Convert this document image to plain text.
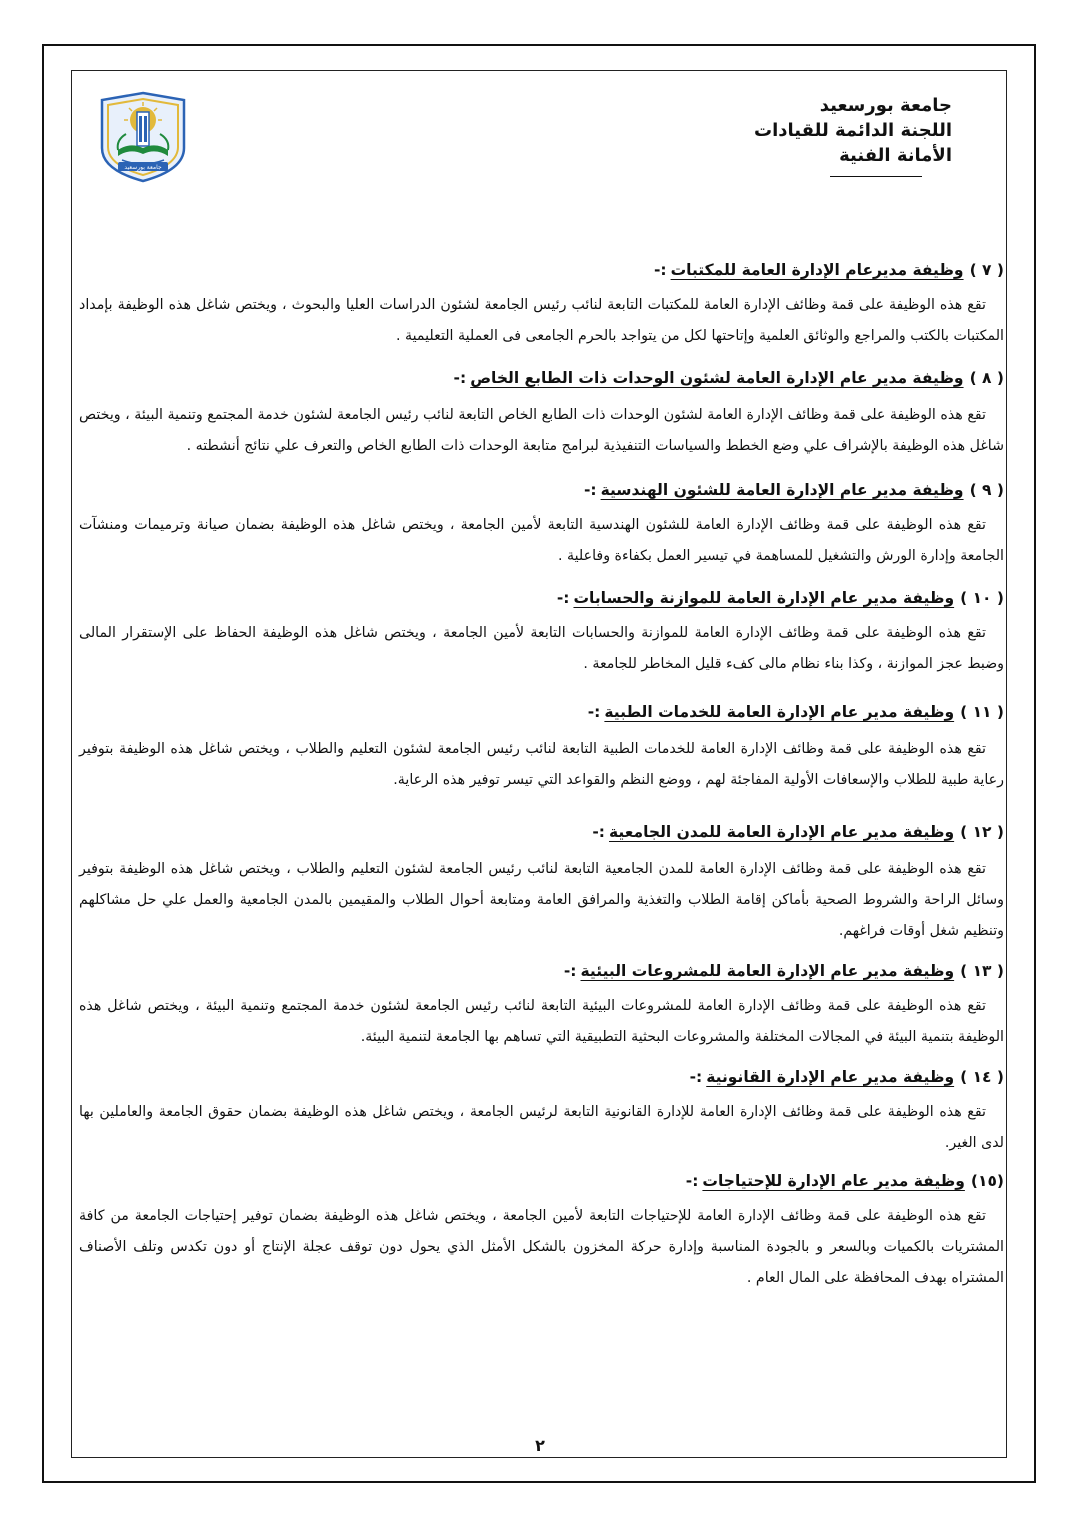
جامعة بورسعيد
اللجنة الدائمة للقيادات
الأمانة الفنية
جامعة بورسعيد
( ٧ )
وظيفة مديرعام الإدارة العامة للمكتبات
:-

تقع هذه الوظيفة على قمة وظائف الإدارة العامة للمكتبات التابعة لنائب رئيس الجامعة لشئون الدراسات العليا والبحوث ، ويختص شاغل هذه الوظيفة بإمداد المكتبات بالكتب والمراجع والوثائق العلمية وإتاحتها لكل من يتواجد بالحرم الجامعى فى العملية التعليمية .

( ٨ )
وظيفة مدير عام الإدارة العامة لشئون الوحدات ذات الطابع الخاص
:-

تقع هذه الوظيفة على قمة وظائف الإدارة العامة لشئون الوحدات ذات الطابع الخاص التابعة لنائب رئيس الجامعة لشئون خدمة المجتمع وتنمية البيئة ، ويختص شاغل هذه الوظيفة بالإشراف علي وضع الخطط والسياسات التنفيذية لبرامج متابعة الوحدات ذات الطابع الخاص والتعرف علي نتائج أنشطته .

( ٩ )
وظيفة مدير عام الإدارة العامة للشئون الهندسية
:-

تقع هذه الوظيفة على قمة وظائف الإدارة العامة للشئون الهندسية التابعة لأمين الجامعة ، ويختص شاغل هذه الوظيفة بضمان صيانة وترميمات ومنشآت الجامعة وإدارة الورش والتشغيل للمساهمة في تيسير العمل بكفاءة وفاعلية .

( ١٠ )
وظيفة مدير عام الإدارة العامة للموازنة والحسابات
:-

تقع هذه الوظيفة على قمة وظائف الإدارة العامة للموازنة والحسابات التابعة لأمين الجامعة ، ويختص شاغل هذه الوظيفة الحفاظ على الإستقرار المالى وضبط عجز الموازنة ، وكذا بناء نظام مالى كفء قليل المخاطر للجامعة .

( ١١ )
وظيفة مدير عام الإدارة العامة للخدمات الطبية
:-

تقع هذه الوظيفة على قمة وظائف الإدارة العامة للخدمات الطبية التابعة لنائب رئيس الجامعة لشئون التعليم والطلاب ، ويختص شاغل هذه الوظيفة بتوفير رعاية طبية للطلاب والإسعافات الأولية المفاجئة لهم ، ووضع النظم والقواعد التي تيسر توفير هذه الرعاية.

( ١٢ )
وظيفة مدير عام الإدارة العامة للمدن الجامعية
:-

تقع هذه الوظيفة على قمة وظائف الإدارة العامة للمدن الجامعية التابعة لنائب رئيس الجامعة لشئون التعليم والطلاب ، ويختص شاغل هذه الوظيفة بتوفير وسائل الراحة والشروط الصحية بأماكن إقامة الطلاب والتغذية والمرافق العامة ومتابعة أحوال الطلاب والمقيمين بالمدن الجامعية والعمل علي حل مشاكلهم وتنظيم شغل أوقات فراغهم.

( ١٣ )
وظيفة مدير عام الإدارة العامة للمشروعات البيئية
:-

تقع هذه الوظيفة على قمة وظائف الإدارة العامة للمشروعات البيئية التابعة لنائب رئيس الجامعة لشئون خدمة المجتمع وتنمية البيئة ، ويختص شاغل هذه الوظيفة بتنمية البيئة في المجالات المختلفة والمشروعات البحثية التطبيقية التي تساهم بها الجامعة لتنمية البيئة.

( ١٤ )
وظيفة مدير عام الإدارة القانونية
:-

تقع هذه الوظيفة على قمة وظائف الإدارة العامة للإدارة القانونية التابعة لرئيس الجامعة ، ويختص شاغل هذه الوظيفة بضمان حقوق الجامعة والعاملين بها لدى الغير.

(١٥)
وظيفة مدير عام الإدارة للإحتياجات
:-

تقع هذه الوظيفة على قمة وظائف الإدارة العامة للإحتياجات التابعة لأمين الجامعة ، ويختص شاغل هذه الوظيفة بضمان توفير إحتياجات الجامعة من كافة المشتريات بالكميات وبالسعر و بالجودة المناسبة وإدارة حركة المخزون بالشكل الأمثل الذي يحول دون توقف عجلة الإنتاج أو دون تكدس وتلف الأصناف المشتراه بهدف المحافظة على المال العام .

٢
